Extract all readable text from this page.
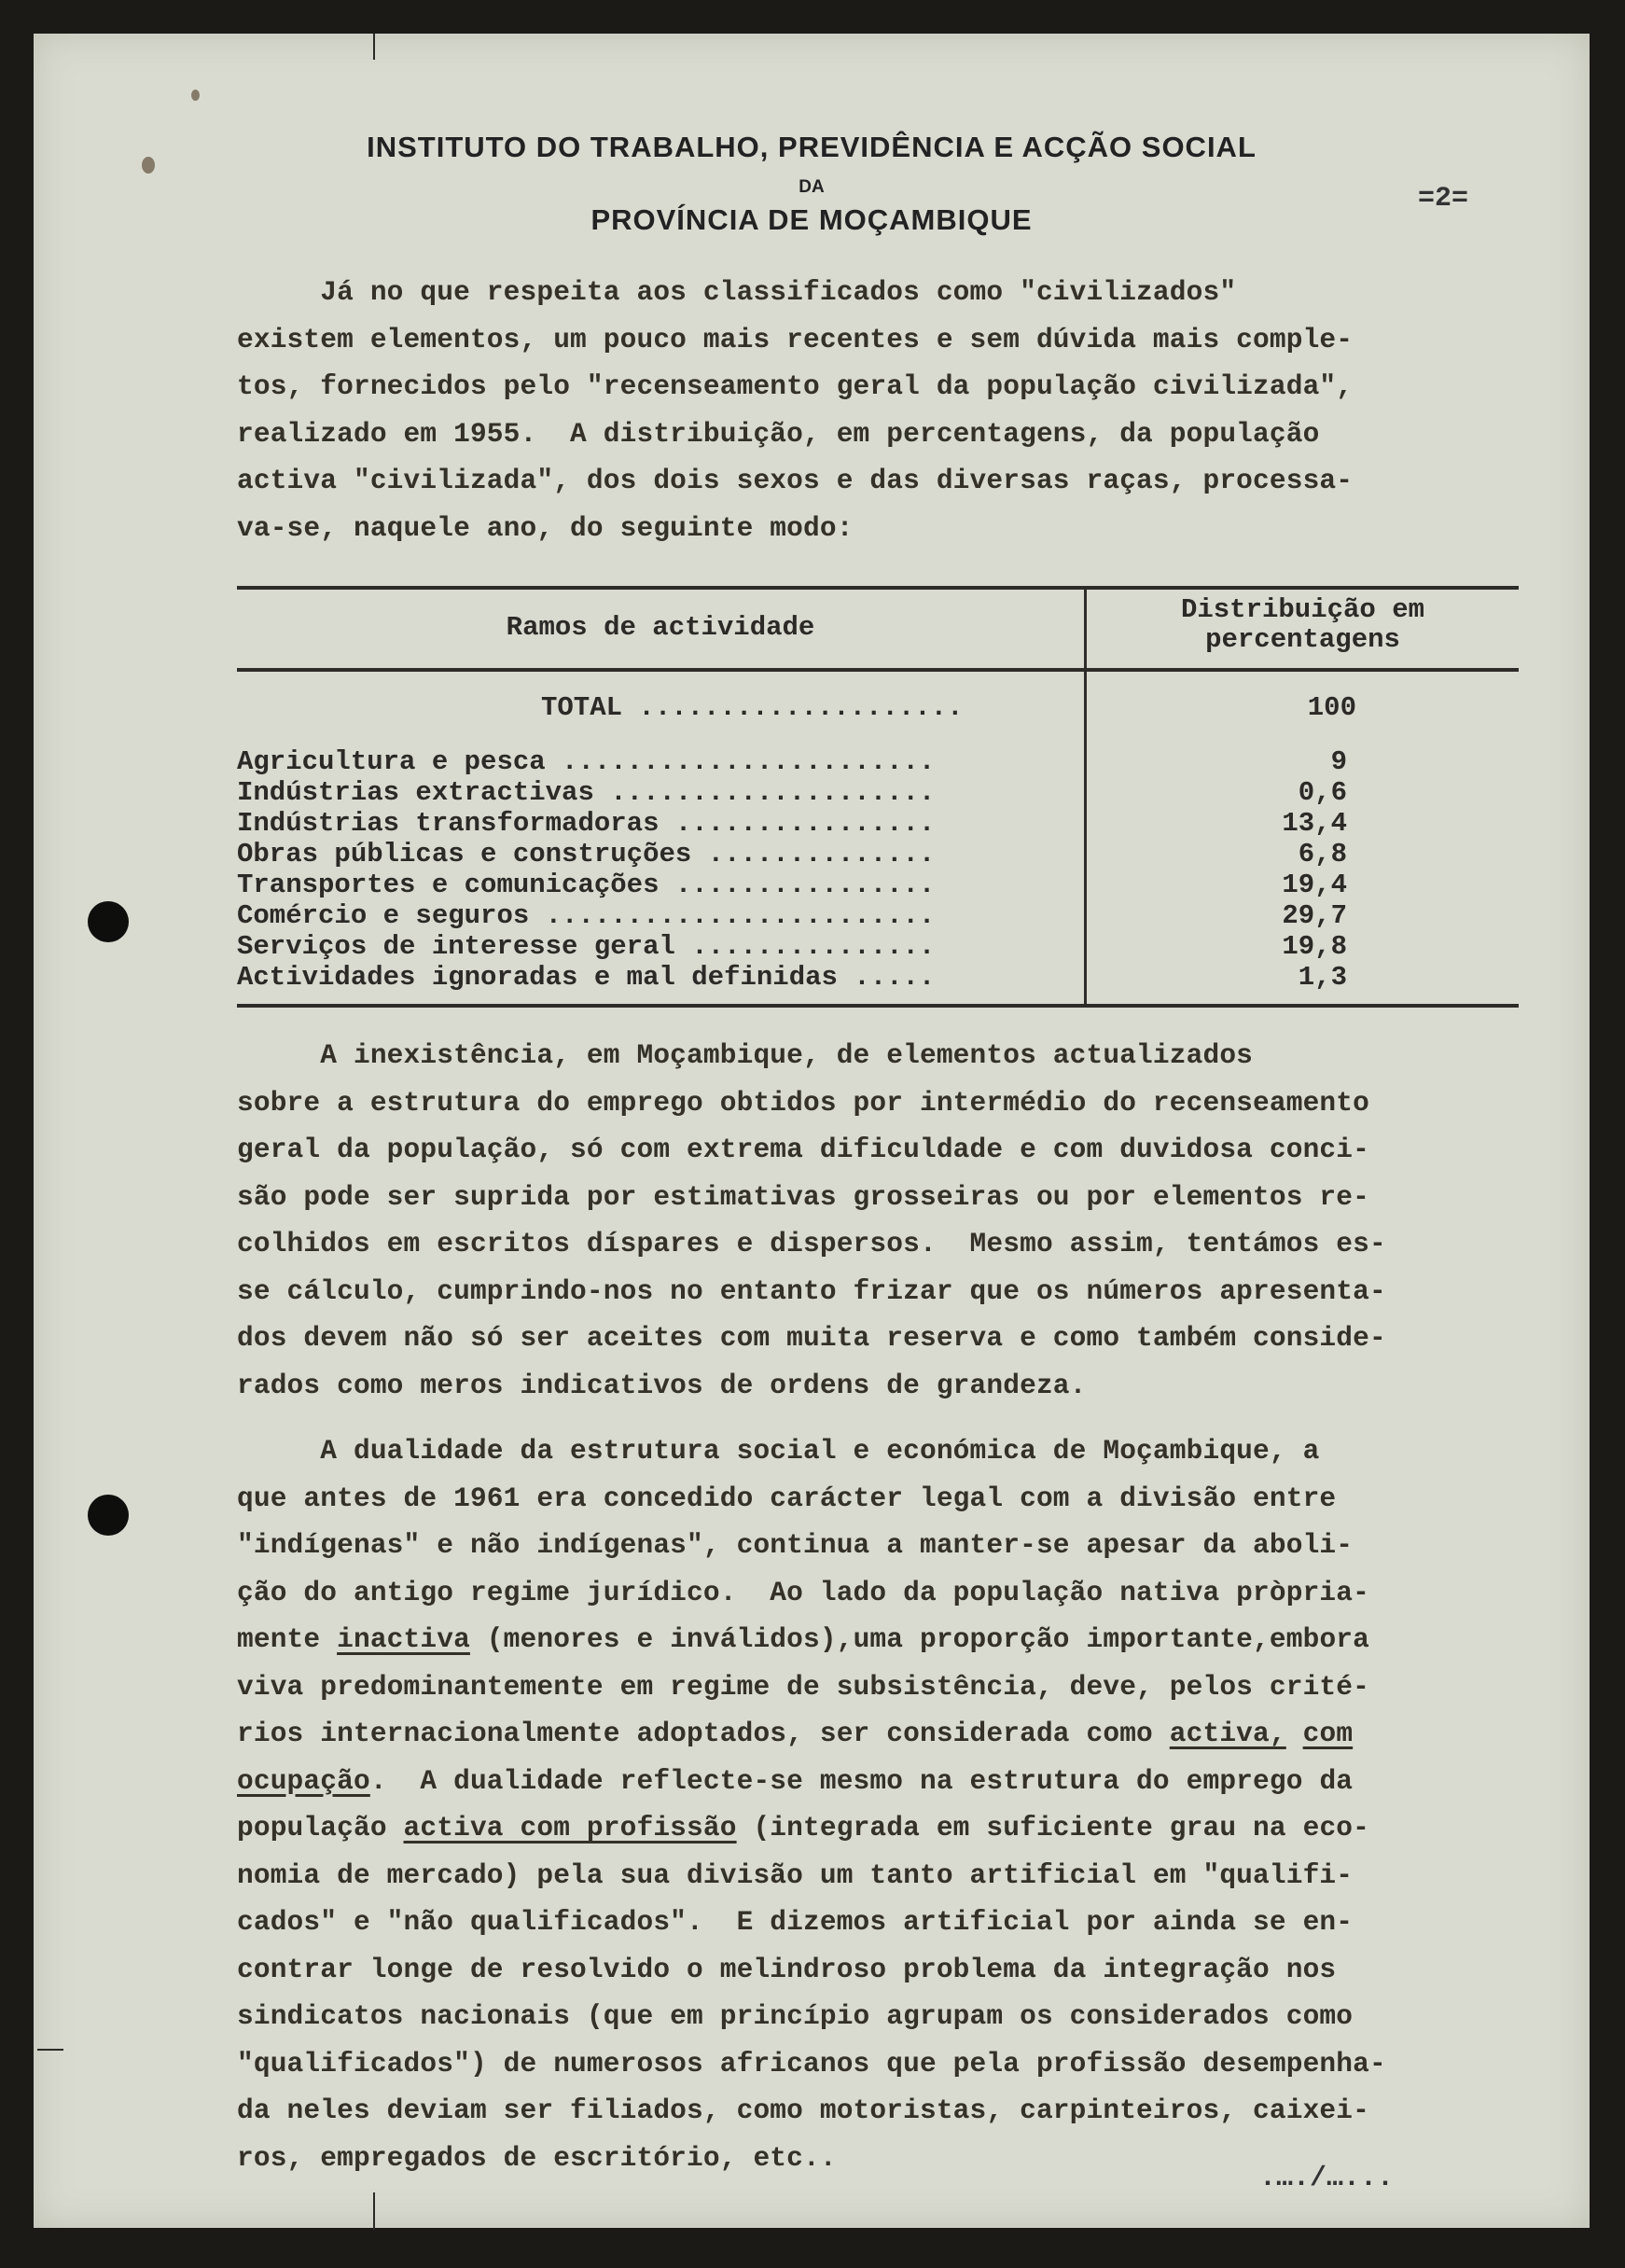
INSTITUTO DO TRABALHO, PREVIDÊNCIA E ACÇÃO SOCIAL
DA
PROVÍNCIA DE MOÇAMBIQUE
=2=
Já no que respeita aos classificados como "civilizados"
existem elementos, um pouco mais recentes e sem dúvida mais comple-
tos, fornecidos pelo "recenseamento geral da população civilizada",
realizado em 1955.  A distribuição, em percentagens, da população
activa "civilizada", dos dois sexos e das diversas raças, processa-
va-se, naquele ano, do seguinte modo:
Ramos de actividade
Distribuição em
percentagens
TOTAL ....................	100
Agricultura e pesca .......................	9
Indústrias extractivas ....................	0,6
Indústrias transformadoras ................	13,4
Obras públicas e construções ..............	6,8
Transportes e comunicações ................	19,4
Comércio e seguros ........................	29,7
Serviços de interesse geral ...............	19,8
Actividades ignoradas e mal definidas .....	1,3
A inexistência, em Moçambique, de elementos actualizados
sobre a estrutura do emprego obtidos por intermédio do recenseamento
geral da população, só com extrema dificuldade e com duvidosa conci-
são pode ser suprida por estimativas grosseiras ou por elementos re-
colhidos em escritos díspares e dispersos.  Mesmo assim, tentámos es-
se cálculo, cumprindo-nos no entanto frizar que os números apresenta-
dos devem não só ser aceites com muita reserva e como também conside-
rados como meros indicativos de ordens de grandeza.
A dualidade da estrutura social e económica de Moçambique, a
que antes de 1961 era concedido carácter legal com a divisão entre
"indígenas" e não indígenas", continua a manter-se apesar da aboli-
ção do antigo regime jurídico.  Ao lado da população nativa pròpria-
mente inactiva (menores e inválidos),uma proporção importante,embora
viva predominantemente em regime de subsistência, deve, pelos crité-
rios internacionalmente adoptados, ser considerada como activa, com
ocupação.  A dualidade reflecte-se mesmo na estrutura do emprego da
população activa com profissão (integrada em suficiente grau na eco-
nomia de mercado) pela sua divisão um tanto artificial em "qualifi-
cados" e "não qualificados".  E dizemos artificial por ainda se en-
contrar longe de resolvido o melindroso problema da integração nos
sindicatos nacionais (que em princípio agrupam os considerados como
"qualificados") de numerosos africanos que pela profissão desempenha-
da neles deviam ser filiados, como motoristas, carpinteiros, caixei-
ros, empregados de escritório, etc..
.…./…...
